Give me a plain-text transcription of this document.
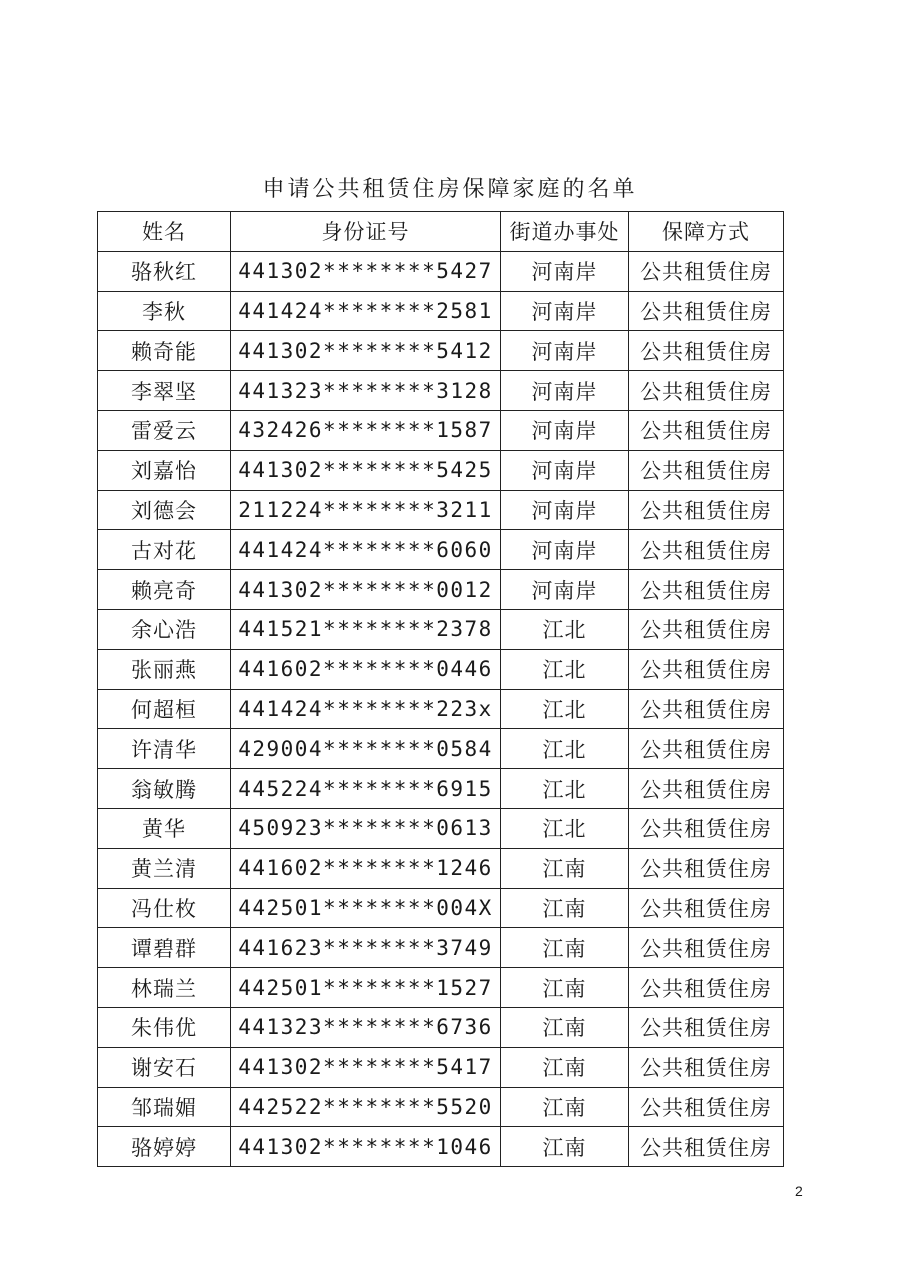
申请公共租赁住房保障家庭的名单
姓名	身份证号	街道办事处	保障方式
骆秋红	441302********5427	河南岸	公共租赁住房
李秋	441424********2581	河南岸	公共租赁住房
赖奇能	441302********5412	河南岸	公共租赁住房
李翠坚	441323********3128	河南岸	公共租赁住房
雷爱云	432426********1587	河南岸	公共租赁住房
刘嘉怡	441302********5425	河南岸	公共租赁住房
刘德会	211224********3211	河南岸	公共租赁住房
古对花	441424********6060	河南岸	公共租赁住房
赖亮奇	441302********0012	河南岸	公共租赁住房
余心浩	441521********2378	江北	公共租赁住房
张丽燕	441602********0446	江北	公共租赁住房
何超桓	441424********223x	江北	公共租赁住房
许清华	429004********0584	江北	公共租赁住房
翁敏腾	445224********6915	江北	公共租赁住房
黄华	450923********0613	江北	公共租赁住房
黄兰清	441602********1246	江南	公共租赁住房
冯仕枚	442501********004X	江南	公共租赁住房
谭碧群	441623********3749	江南	公共租赁住房
林瑞兰	442501********1527	江南	公共租赁住房
朱伟优	441323********6736	江南	公共租赁住房
谢安石	441302********5417	江南	公共租赁住房
邹瑞媚	442522********5520	江南	公共租赁住房
骆婷婷	441302********1046	江南	公共租赁住房
2
